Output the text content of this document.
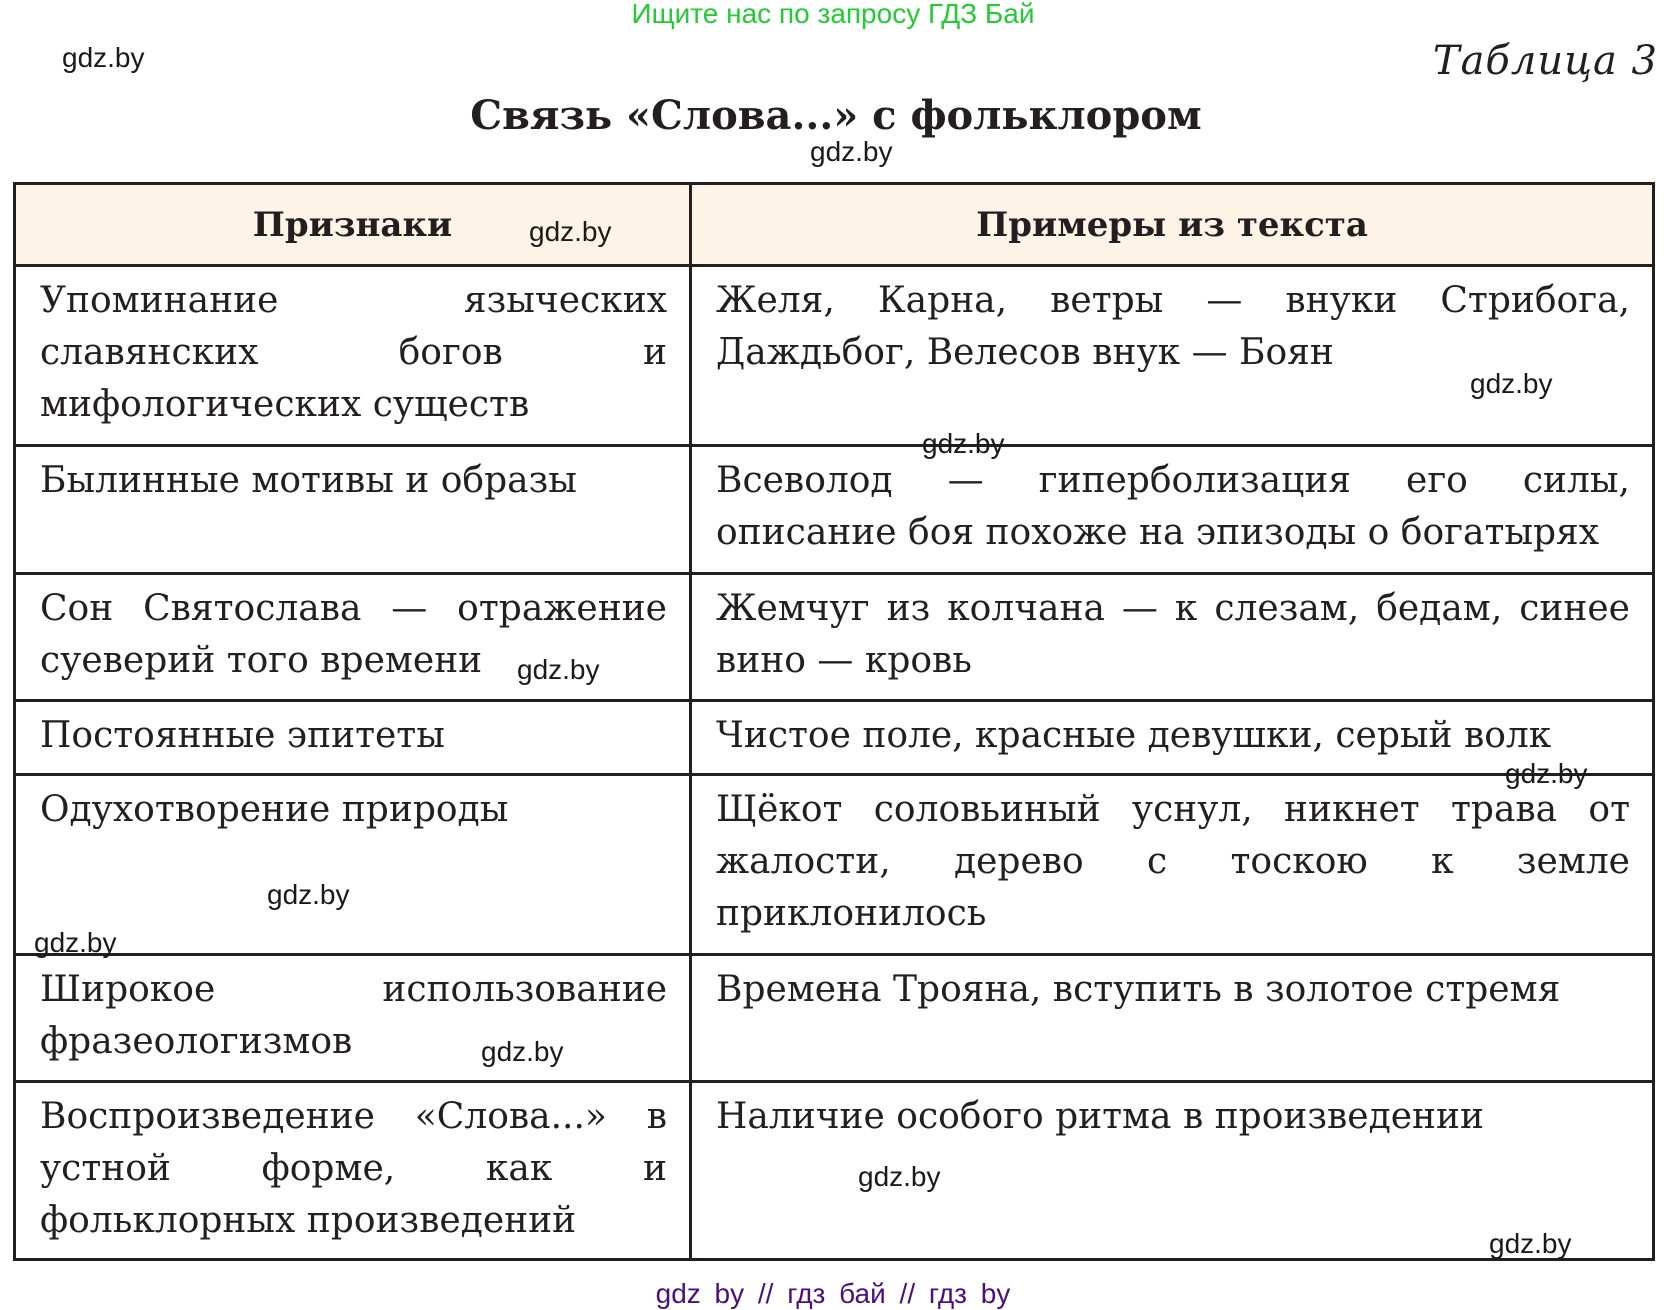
Ищите нас по запросу ГДЗ Бай
gdz.by	Таблица 3
Связь «Слова...» с фольклором
Признаки	Примеры из текста
Упоминание языческих славянских богов и мифологических существ	Желя, Карна, ветры — внуки Стрибога, Даждьбог, Велесов внук — Боян
Былинные мотивы и образы	Всеволод — гиперболизация его силы, описание боя похоже на эпизоды о богатырях
Сон Святослава — отражение суеверий того времени	Жемчуг из колчана — к слезам, бедам, синее вино — кровь
Постоянные эпитеты	Чистое поле, красные девушки, серый волк
Одухотворение природы	Щёкот соловьиный уснул, никнет трава от жалости, дерево с тоскою к земле приклонилось
Широкое использование фразеологизмов	Времена Трояна, вступить в золотое стремя
Воспроизведение «Слова...» в устной форме, как и фольклорных произведений	Наличие особого ритма в произведении
gdz.by
gdz.by
gdz.by
gdz.by
gdz.by
gdz.by
gdz.by
gdz.by
gdz.by
gdz.by
gdz.by
gdz by // гдз бай // гдз by
